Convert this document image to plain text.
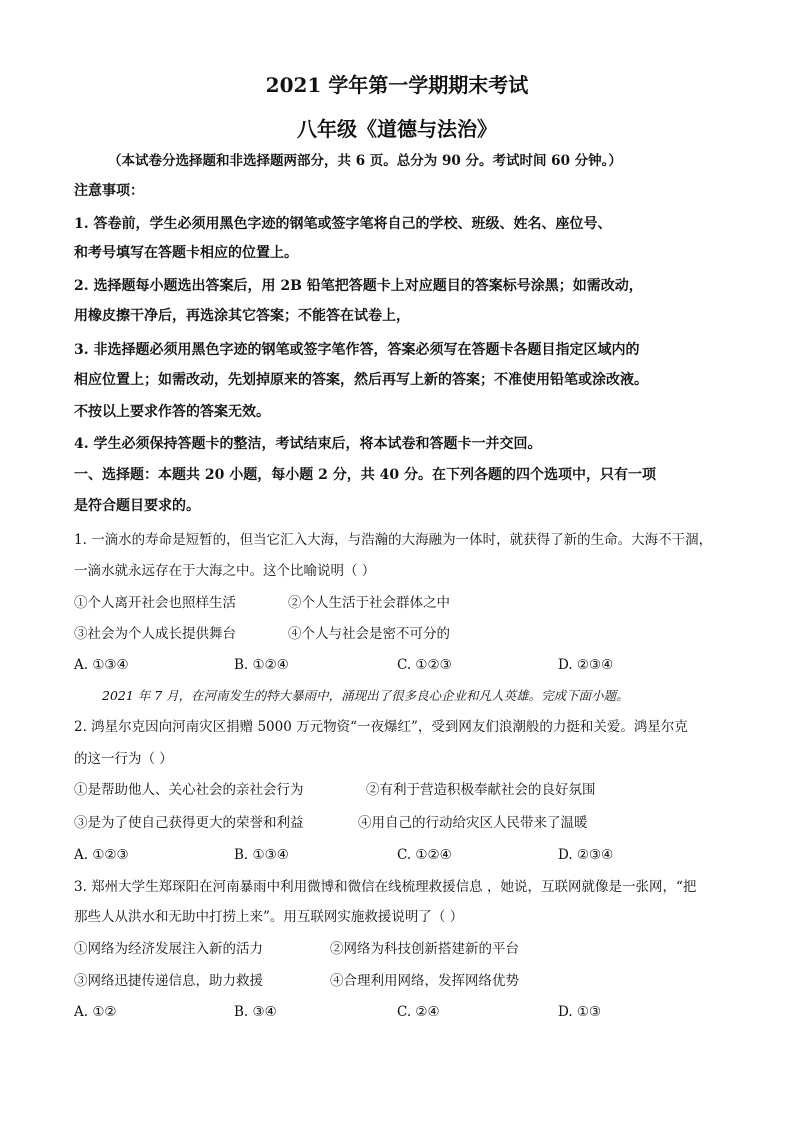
2021 学年第一学期期末考试
八年级《道德与法治》
（本试卷分选择题和非选择题两部分，共 6 页。总分为 90 分。考试时间 60 分钟。）
注意事项：
1. 答卷前，学生必须用黑色字迹的钢笔或签字笔将自己的学校、班级、姓名、座位号、
和考号填写在答题卡相应的位置上。
2. 选择题每小题选出答案后，用 2B 铅笔把答题卡上对应题目的答案标号涂黑；如需改动，
用橡皮擦干净后，再选涂其它答案；不能答在试卷上，
3. 非选择题必须用黑色字迹的钢笔或签字笔作答，答案必须写在答题卡各题目指定区域内的
相应位置上；如需改动，先划掉原来的答案，然后再写上新的答案；不准使用铅笔或涂改液。
不按以上要求作答的答案无效。
4. 学生必须保持答题卡的整洁，考试结束后，将本试卷和答题卡一并交回。
一、选择题：本题共 20 小题，每小题 2 分，共 40 分。在下列各题的四个选项中，只有一项
是符合题目要求的。
1. 一滴水的寿命是短暂的，但当它汇入大海，与浩瀚的大海融为一体时，就获得了新的生命。大海不干涸，
一滴水就永远存在于大海之中。这个比喻说明（ ）
①个人离开社会也照样生活	②个人生活于社会群体之中
③社会为个人成长提供舞台	④个人与社会是密不可分的
A. ①③④	B. ①②④	C. ①②③	D. ②③④
2021 年 7 月，在河南发生的特大暴雨中，涌现出了很多良心企业和凡人英雄。完成下面小题。
2. 鸿星尔克因向河南灾区捐赠 5000 万元物资“一夜爆红”，受到网友们浪潮般的力挺和关爱。鸿星尔克
的这一行为（ ）
①是帮助他人、关心社会的亲社会行为	②有利于营造积极奉献社会的良好氛围
③是为了使自己获得更大的荣誉和利益	④用自己的行动给灾区人民带来了温暖
A. ①②③	B. ①③④	C. ①②④	D. ②③④
3. 郑州大学生郑琛阳在河南暴雨中利用微博和微信在线梳理救援信息 ，她说，互联网就像是一张网，“把
那些人从洪水和无助中打捞上来”。用互联网实施救援说明了（ ）
①网络为经济发展注入新的活力	②网络为科技创新搭建新的平台
③网络迅捷传递信息，助力救援	④合理利用网络，发挥网络优势
A. ①②	B. ③④	C. ②④	D. ①③
